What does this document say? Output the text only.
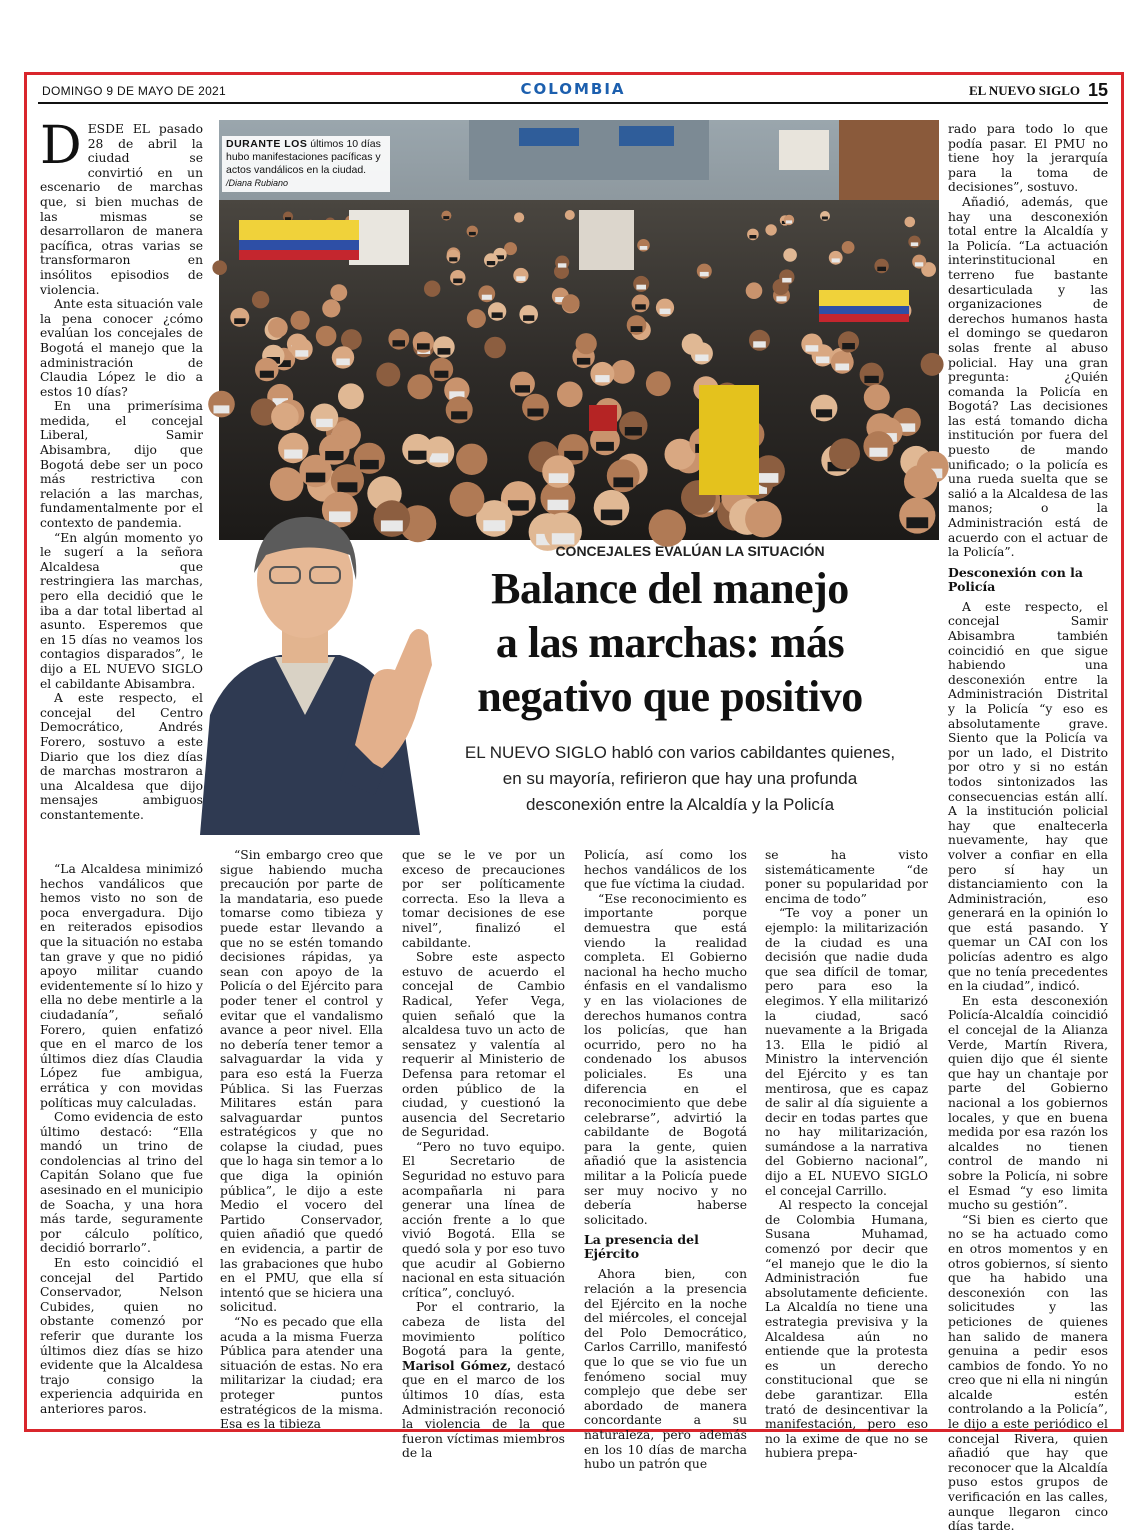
DOMINGO 9 DE MAYO DE 2021	COLOMBIA	EL NUEVO SIGLO 15
DURANTE LOS últimos 10 días hubo manifestaciones pacíficas y actos vandálicos en la ciudad. /Diana Rubiano
CONCEJALES EVALÚAN LA SITUACIÓN
Balance del manejo
a las marchas: más
negativo que positivo
EL NUEVO SIGLO habló con varios cabildantes quienes,
en su mayoría, refirieron que hay una profunda
desconexión entre la Alcaldía y la Policía

DESDE EL pasado 28 de abril la ciudad se convirtió en un escenario de marchas que, si bien muchas de las mismas se desarrollaron de manera pacífica, otras varias se transformaron en insólitos episodios de violencia.

Ante esta situación vale la pena conocer ¿cómo evalúan los concejales de Bogotá el manejo que la administración de Claudia López le dio a estos 10 días?

En una primerísima medida, el concejal Liberal, Samir Abisambra, dijo que Bogotá debe ser un poco más restrictiva con relación a las marchas, fundamentalmente por el contexto de pandemia.

“En algún momento yo le sugerí a la señora Alcaldesa que restringiera las marchas, pero ella decidió que le iba a dar total libertad al asunto. Esperemos que en 15 días no veamos los contagios disparados”, le dijo a EL NUEVO SIGLO el cabildante Abisambra.

A este respecto, el concejal del Centro Democrático, Andrés Forero, sostuvo a este Diario que los diez días de marchas mostraron a una Alcaldesa que dijo mensajes ambiguos constantemente.

“La Alcaldesa minimizó hechos vandálicos que hemos visto no son de poca envergadura. Dijo en reiterados episodios que la situación no estaba tan grave y que no pidió apoyo militar cuando evidentemente sí lo hizo y ella no debe mentirle a la ciudadanía”, señaló Forero, quien enfatizó que en el marco de los últimos diez días Claudia López fue ambigua, errática y con movidas políticas muy calculadas.

Como evidencia de esto último destacó: “Ella mandó un trino de condolencias al trino del Capitán Solano que fue asesinado en el municipio de Soacha, y una hora más tarde, seguramente por cálculo político, decidió borrarlo”.

En esto coincidió el concejal del Partido Conservador, Nelson Cubides, quien no obstante comenzó por referir que durante los últimos diez días se hizo evidente que la Alcaldesa trajo consigo la experiencia adquirida en anteriores paros.

“Sin embargo creo que sigue habiendo mucha precaución por parte de la mandataria, eso puede tomarse como tibieza y puede estar llevando a que no se estén tomando decisiones rápidas, ya sean con apoyo de la Policía o del Ejército para poder tener el control y evitar que el vandalismo avance a peor nivel. Ella no debería tener temor a salvaguardar la vida y para eso está la Fuerza Pública. Si las Fuerzas Militares están para salvaguardar puntos estratégicos y que no colapse la ciudad, pues que lo haga sin temor a lo que diga la opinión pública”, le dijo a este Medio el vocero del Partido Conservador, quien añadió que quedó en evidencia, a partir de las grabaciones que hubo en el PMU, que ella sí intentó que se hiciera una solicitud.

“No es pecado que ella acuda a la misma Fuerza Pública para atender una situación de estas. No era militarizar la ciudad; era proteger puntos estratégicos de la misma. Esa es la tibieza

que se le ve por un exceso de precauciones por ser políticamente correcta. Eso la lleva a tomar decisiones de ese nivel”, finalizó el cabildante.

Sobre este aspecto estuvo de acuerdo el concejal de Cambio Radical, Yefer Vega, quien señaló que la alcaldesa tuvo un acto de sensatez y valentía al requerir al Ministerio de Defensa para retomar el orden público de la ciudad, y cuestionó la ausencia del Secretario de Seguridad.

“Pero no tuvo equipo. El Secretario de Seguridad no estuvo para acompañarla ni para generar una línea de acción frente a lo que vivió Bogotá. Ella se quedó sola y por eso tuvo que acudir al Gobierno nacional en esta situación crítica”, concluyó.

Por el contrario, la cabeza de lista del movimiento político Bogotá para la gente, Marisol Gómez, destacó que en el marco de los últimos 10 días, esta Administración reconoció la violencia de la que fueron víctimas miembros de la

Policía, así como los hechos vandálicos de los que fue víctima la ciudad.

“Ese reconocimiento es importante porque demuestra que está viendo la realidad completa. El Gobierno nacional ha hecho mucho énfasis en el vandalismo y en las violaciones de derechos humanos contra los policías, que han ocurrido, pero no ha condenado los abusos policiales. Es una diferencia en el reconocimiento que debe celebrarse”, advirtió la cabildante de Bogotá para la gente, quien añadió que la asistencia militar a la Policía puede ser muy nocivo y no debería haberse solicitado.

La presencia del Ejército

Ahora bien, con relación a la presencia del Ejército en la noche del miércoles, el concejal del Polo Democrático, Carlos Carrillo, manifestó que lo que se vio fue un fenómeno social muy complejo que debe ser abordado de manera concordante a su naturaleza, pero además en los 10 días de marcha hubo un patrón que

se ha visto sistemáticamente “de poner su popularidad por encima de todo”

“Te voy a poner un ejemplo: la militarización de la ciudad es una decisión que nadie duda que sea difícil de tomar, pero para eso la elegimos. Y ella militarizó la ciudad, sacó nuevamente a la Brigada 13. Ella le pidió al Ministro la intervención del Ejército y es tan mentirosa, que es capaz de salir al día siguiente a decir en todas partes que no hay militarización, sumándose a la narrativa del Gobierno nacional”, dijo a EL NUEVO SIGLO el concejal Carrillo.

Al respecto la concejal de Colombia Humana, Susana Muhamad, comenzó por decir que “el manejo que le dio la Administración fue absolutamente deficiente. La Alcaldía no tiene una estrategia previsiva y la Alcaldesa aún no entiende que la protesta es un derecho constitucional que se debe garantizar. Ella trató de desincentivar la manifestación, pero eso no la exime de que no se hubiera prepa-

rado para todo lo que podía pasar. El PMU no tiene hoy la jerarquía para la toma de decisiones”, sostuvo.

Añadió, además, que hay una desconexión total entre la Alcaldía y la Policía. “La actuación interinstitucional en terreno fue bastante desarticulada y las organizaciones de derechos humanos hasta el domingo se quedaron solas frente al abuso policial. Hay una gran pregunta: ¿Quién comanda la Policía en Bogotá? Las decisiones las está tomando dicha institución por fuera del puesto de mando unificado; o la policía es una rueda suelta que se salió a la Alcaldesa de las manos; o la Administración está de acuerdo con el actuar de la Policía”.

Desconexión con la Policía

A este respecto, el concejal Samir Abisambra también coincidió en que sigue habiendo una desconexión entre la Administración Distrital y la Policía “y eso es absolutamente grave. Siento que la Policía va por un lado, el Distrito por otro y si no están todos sintonizados las consecuencias están allí. A la institución policial hay que enaltecerla nuevamente, hay que volver a confiar en ella pero sí hay un distanciamiento con la Administración, eso generará en la opinión lo que está pasando. Y quemar un CAI con los policías adentro es algo que no tenía precedentes en la ciudad”, indicó.

En esta desconexión Policía-Alcaldía coincidió el concejal de la Alianza Verde, Martín Rivera, quien dijo que él siente que hay un chantaje por parte del Gobierno nacional a los gobiernos locales, y que en buena medida por esa razón los alcaldes no tienen control de mando ni sobre la Policía, ni sobre el Esmad “y eso limita mucho su gestión”.

“Si bien es cierto que no se ha actuado como en otros momentos y en otros gobiernos, sí siento que ha habido una desconexión con las solicitudes y las peticiones de quienes han salido de manera genuina a pedir esos cambios de fondo. Yo no creo que ni ella ni ningún alcalde estén controlando a la Policía”, le dijo a este periódico el concejal Rivera, quien añadió que hay que reconocer que la Alcaldía puso estos grupos de verificación en las calles, aunque llegaron cinco días tarde.
